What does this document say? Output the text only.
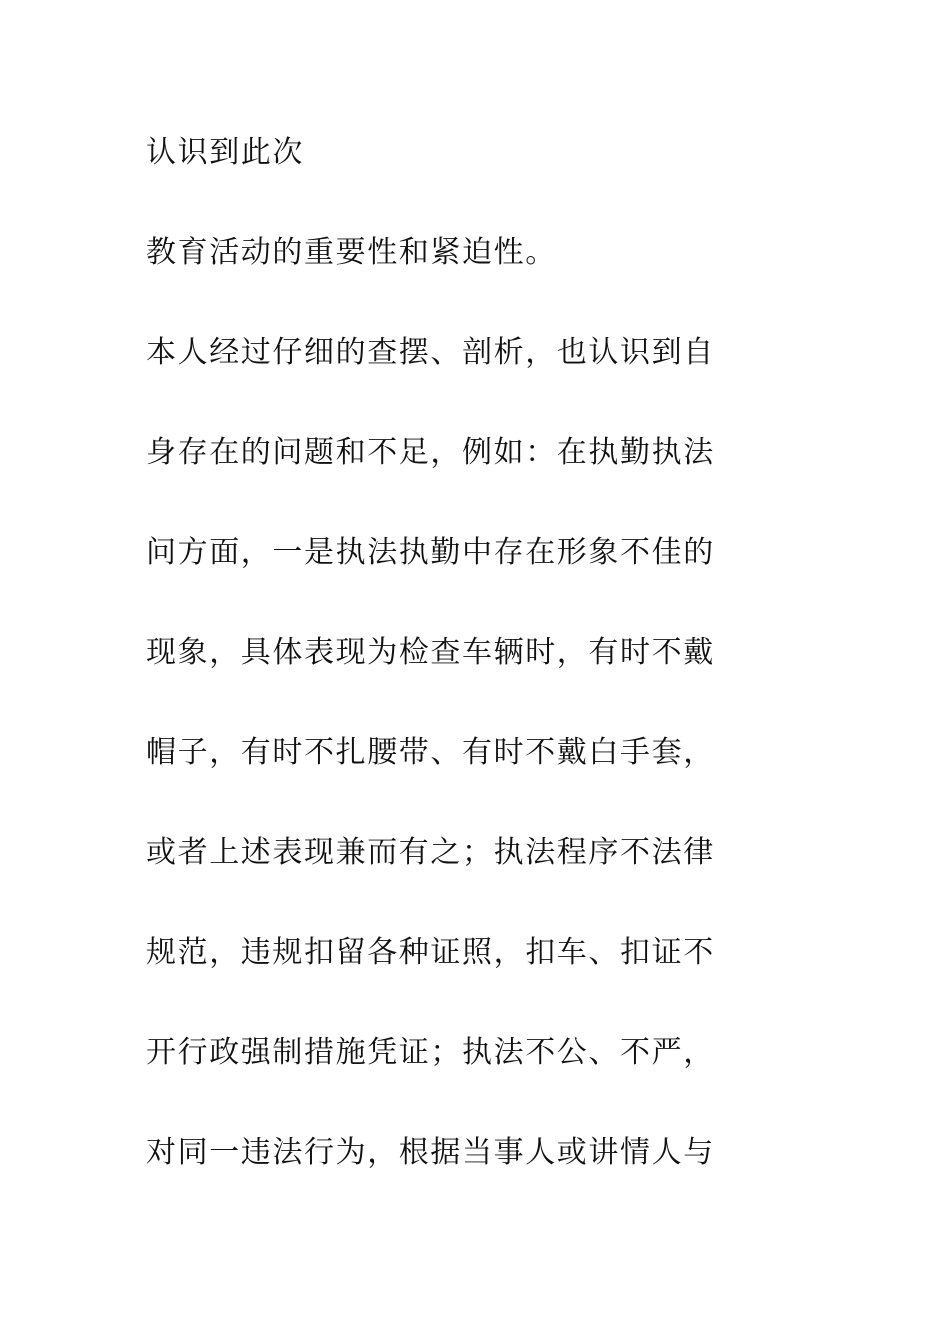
认识到此次
教育活动的重要性和紧迫性。
本人经过仔细的查摆、剖析，也认识到自
身存在的问题和不足，例如：在执勤执法
问方面，一是执法执勤中存在形象不佳的
现象，具体表现为检查车辆时，有时不戴
帽子，有时不扎腰带、有时不戴白手套，
或者上述表现兼而有之；执法程序不法律
规范，违规扣留各种证照，扣车、扣证不
开行政强制措施凭证；执法不公、不严，
对同一违法行为，根据当事人或讲情人与
